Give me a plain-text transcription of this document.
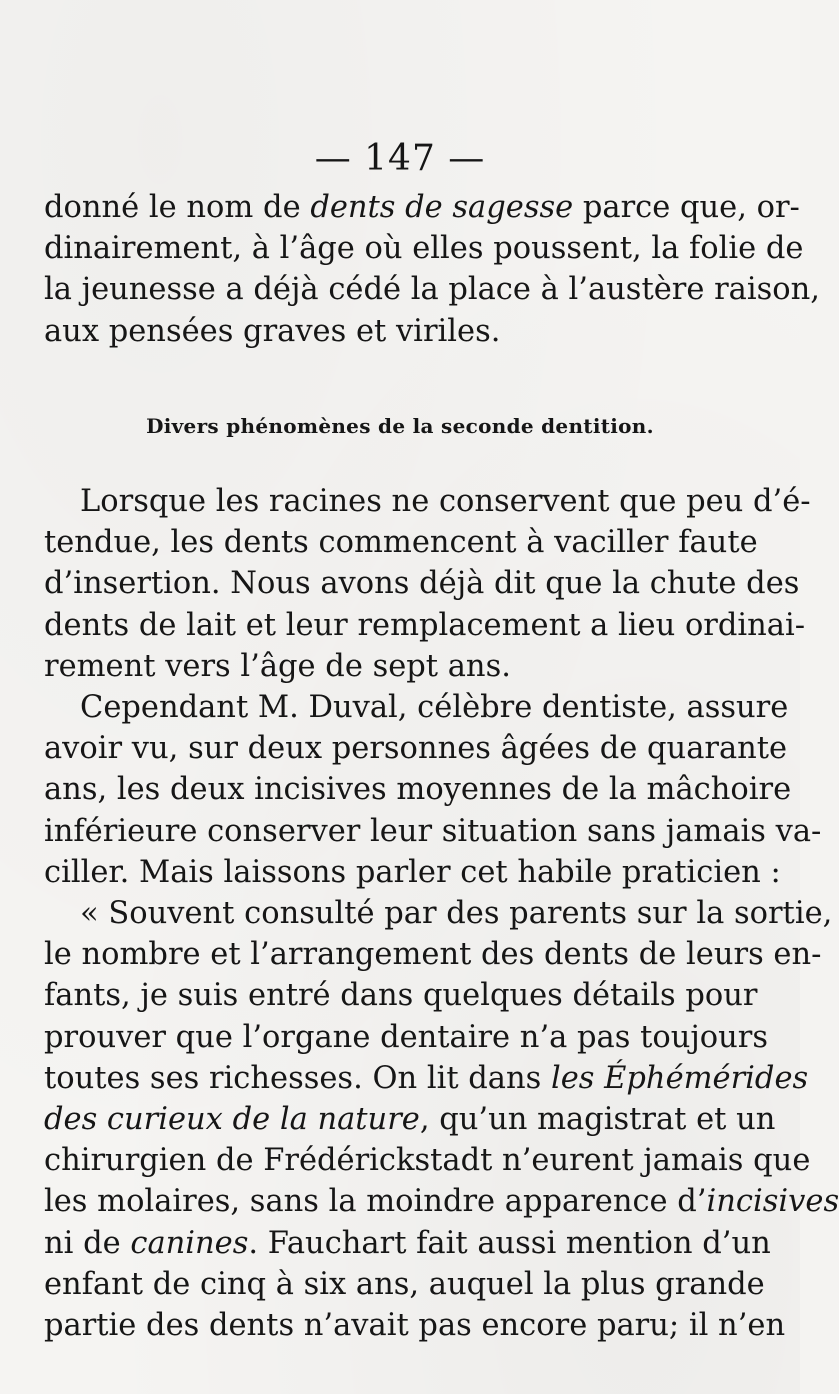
— 147 —
donné le nom de dents de sagesse parce que, or-
dinairement, à l’âge où elles poussent, la folie de
la jeunesse a déjà cédé la place à l’austère raison,
aux pensées graves et viriles.
Divers phénomènes de la seconde dentition.
Lorsque les racines ne conservent que peu d’é-
tendue, les dents commencent à vaciller faute
d’insertion. Nous avons déjà dit que la chute des
dents de lait et leur remplacement a lieu ordinai-
rement vers l’âge de sept ans.
Cependant M. Duval, célèbre dentiste, assure
avoir vu, sur deux personnes âgées de quarante
ans, les deux incisives moyennes de la mâchoire
inférieure conserver leur situation sans jamais va-
ciller. Mais laissons parler cet habile praticien :
« Souvent consulté par des parents sur la sortie,
le nombre et l’arrangement des dents de leurs en-
fants, je suis entré dans quelques détails pour
prouver que l’organe dentaire n’a pas toujours
toutes ses richesses. On lit dans les Éphémérides
des curieux de la nature, qu’un magistrat et un
chirurgien de Frédérickstadt n’eurent jamais que
les molaires, sans la moindre apparence d’incisives
ni de canines. Fauchart fait aussi mention d’un
enfant de cinq à six ans, auquel la plus grande
partie des dents n’avait pas encore paru; il n’en
